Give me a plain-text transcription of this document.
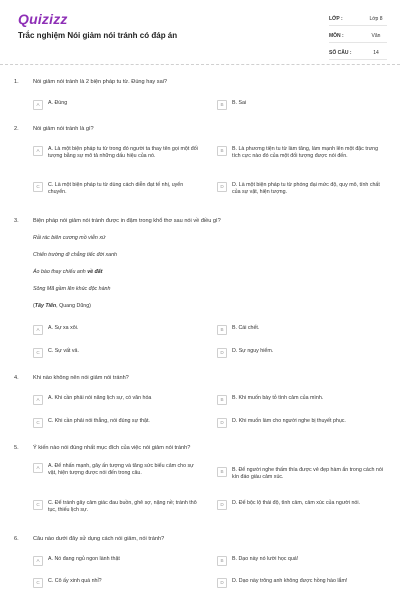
Quizizz
Trắc nghiệm Nói giảm nói tránh có đáp án
LỚP :	Lớp 8
MÔN :	Văn
SỐ CÂU :	14
1.	Nói giảm nói tránh là 2 biện pháp tu từ. Đúng hay sai?
A	A. Đúng	B	B. Sai
2.	Nói giảm nói tránh là gì?
A	A. Là một biện pháp tu từ trong đó người ta thay tên gọi một đối tượng bằng sự mô tả những dấu hiệu của nó.
B	B. Là phương tiện tu từ làm tăng, làm mạnh lên một đặc trưng tích cực nào đó của một đối tượng được nói đến.
C	C. Là một biện pháp tu từ dùng cách diễn đạt tế nhị, uyển chuyển.
D	D. Là một biện pháp tu từ phóng đại mức độ, quy mô, tính chất của sự vật, hiện tượng.
3.	Biện pháp nói giảm nói tránh được in đậm trong khổ thơ sau nói về điều gì?
Rải rác biên cương mồ viễn xứ
Chiến trường đi chẳng tiếc đời xanh
Áo bào thay chiếu anh về đất
Sông Mã gầm lên khúc độc hành
(Tây Tiến, Quang Dũng)
A	A. Sự xa xôi.	B	B. Cái chết.
C	C. Sự vất vả.	D	D. Sự nguy hiểm.
4.	Khi nào không nên nói giảm nói tránh?
A	A. Khi cần phải nói năng lịch sự, có văn hóa	B	B. Khi muốn bày tỏ tình cảm của mình.
C	C. Khi cần phải nói thẳng, nói đúng sự thật.	D	D. Khi muốn làm cho người nghe bị thuyết phục.
5.	Ý kiến nào nói đúng nhất mục đích của việc nói giảm nói tránh?
A	A. Để nhấn mạnh, gây ấn tượng và tăng sức biểu cảm cho sự vật, hiện tượng được nói đến trong câu.	B	B. Để người nghe thấm thía được vẻ đẹp hàm ẩn trong cách nói kín đáo giàu cảm xúc.
C	C. Để tránh gây cảm giác đau buồn, ghê sợ, nặng nề; tránh thô tục, thiếu lịch sự.
D	D. Để bộc lộ thái độ, tình cảm, cảm xúc của người nói.
6.	Câu nào dưới đây sử dụng cách nói giảm, nói tránh?
A	A. Nó đang ngủ ngon lành thật	B	B. Dạo này nó lười học quá!
C	C. Cô ấy xinh quá nhỉ?	D	D. Dạo này trông anh không được hồng hào lắm!
